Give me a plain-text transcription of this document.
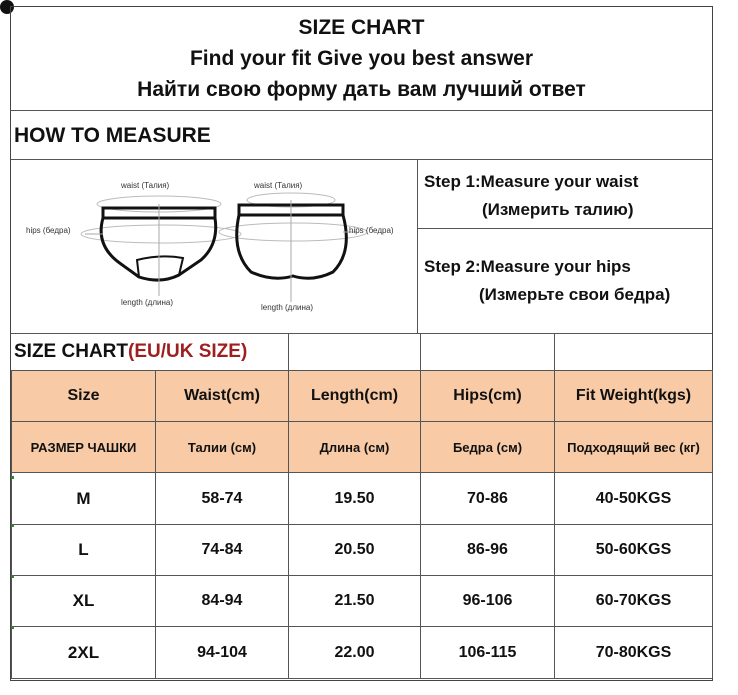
SIZE CHART
Find your fit Give you best answer
Найти свою форму дать вам лучший ответ
HOW TO MEASURE
waist (Талия)
hips (бедра)
length (длина)
waist (Талия)
hips (бедра)
length (длина)
Step 1:Measure your waist
(Измерить талию)
Step 2:Measure your hips
(Измерьте свои бедра)
SIZE CHART (EU/UK SIZE)
Size	Waist(cm)	Length(cm)	Hips(cm)	Fit Weight(kgs)
РАЗМЕР ЧАШКИ	Талии (см)	Длина (см)	Бедра (см)	Подходящий вес (кг)
M	58-74	19.50	70-86	40-50KGS
L	74-84	20.50	86-96	50-60KGS
XL	84-94	21.50	96-106	60-70KGS
2XL	94-104	22.00	106-115	70-80KGS
